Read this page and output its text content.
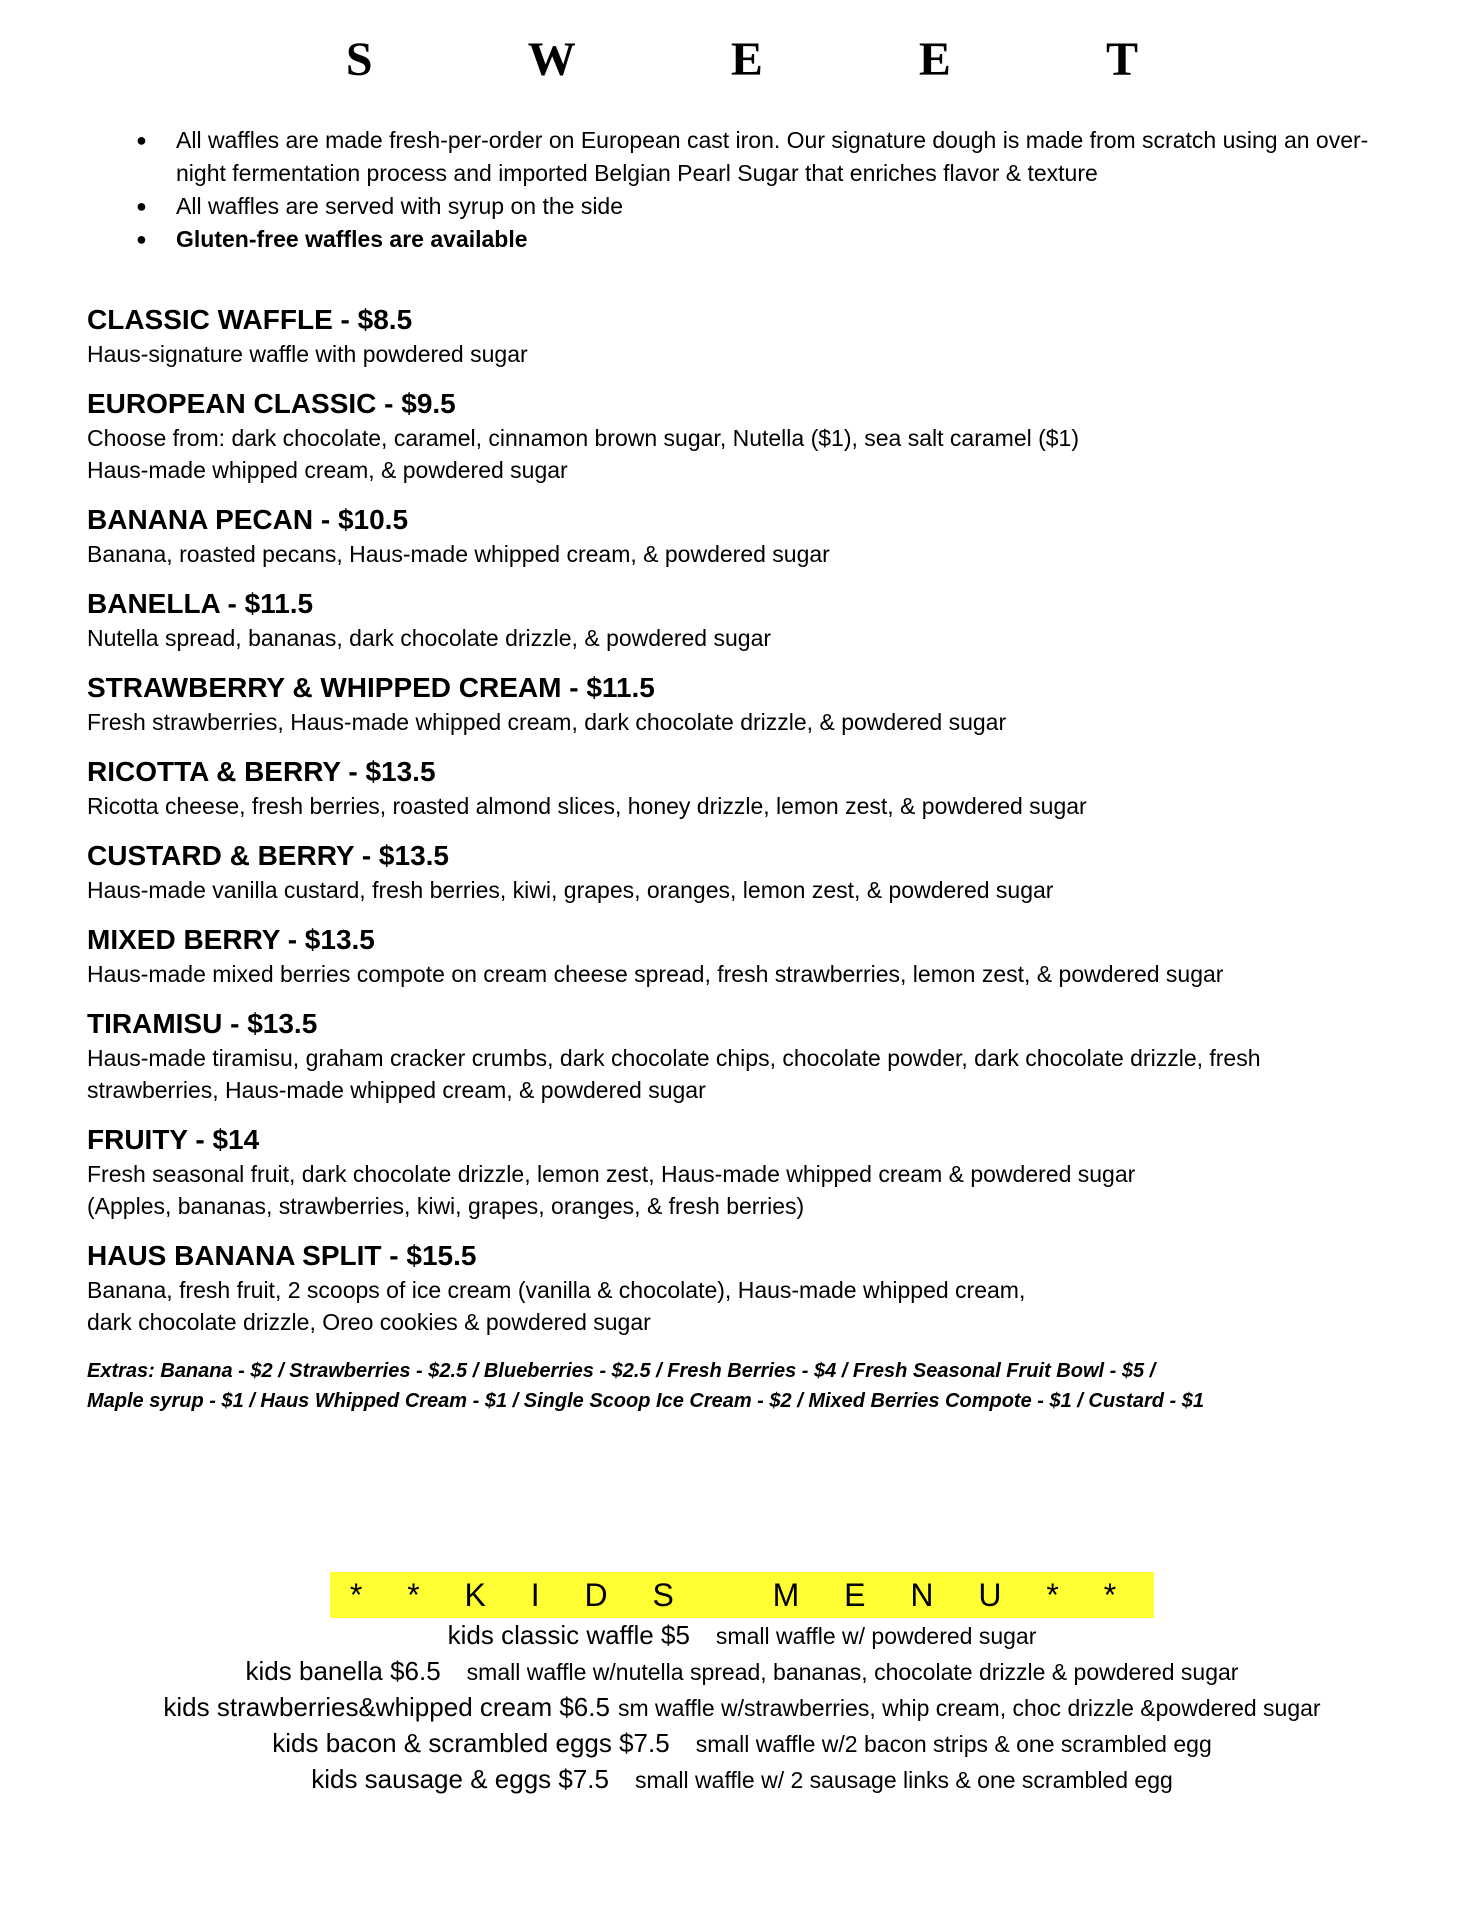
S W E E T
● All waffles are made fresh-per-order on European cast iron. Our signature dough is made from scratch using an over-night fermentation process and imported Belgian Pearl Sugar that enriches flavor & texture
● All waffles are served with syrup on the side
● Gluten-free waffles are available
CLASSIC WAFFLE - $8.5
Haus-signature waffle with powdered sugar
EUROPEAN CLASSIC - $9.5
Choose from: dark chocolate, caramel, cinnamon brown sugar, Nutella ($1), sea salt caramel ($1)
Haus-made whipped cream, & powdered sugar
BANANA PECAN - $10.5
Banana, roasted pecans, Haus-made whipped cream, & powdered sugar
BANELLA - $11.5
Nutella spread, bananas, dark chocolate drizzle, & powdered sugar
STRAWBERRY & WHIPPED CREAM - $11.5
Fresh strawberries, Haus-made whipped cream, dark chocolate drizzle, & powdered sugar
RICOTTA & BERRY - $13.5
Ricotta cheese, fresh berries, roasted almond slices, honey drizzle, lemon zest, & powdered sugar
CUSTARD & BERRY - $13.5
Haus-made vanilla custard, fresh berries, kiwi, grapes, oranges, lemon zest, & powdered sugar
MIXED BERRY - $13.5
Haus-made mixed berries compote on cream cheese spread, fresh strawberries, lemon zest, & powdered sugar
TIRAMISU - $13.5
Haus-made tiramisu, graham cracker crumbs, dark chocolate chips, chocolate powder, dark chocolate drizzle, fresh
strawberries, Haus-made whipped cream, & powdered sugar
FRUITY - $14
Fresh seasonal fruit, dark chocolate drizzle, lemon zest, Haus-made whipped cream & powdered sugar
(Apples, bananas, strawberries, kiwi, grapes, oranges, & fresh berries)
HAUS BANANA SPLIT - $15.5
Banana, fresh fruit, 2 scoops of ice cream (vanilla & chocolate), Haus-made whipped cream,
dark chocolate drizzle, Oreo cookies & powdered sugar
Extras: Banana - $2 / Strawberries - $2.5 / Blueberries - $2.5 / Fresh Berries - $4 / Fresh Seasonal Fruit Bowl - $5 /
Maple syrup - $1 / Haus Whipped Cream - $1 / Single Scoop Ice Cream - $2 / Mixed Berries Compote - $1 / Custard - $1
* * K I D S   M E N U * *
kids classic waffle $5 small waffle w/ powdered sugar
kids banella $6.5 small waffle w/nutella spread, bananas, chocolate drizzle & powdered sugar
kids strawberries&whipped cream $6.5 sm waffle w/strawberries, whip cream, choc drizzle &powdered sugar
kids bacon & scrambled eggs $7.5 small waffle w/2 bacon strips & one scrambled egg
kids sausage & eggs $7.5 small waffle w/ 2 sausage links & one scrambled egg
